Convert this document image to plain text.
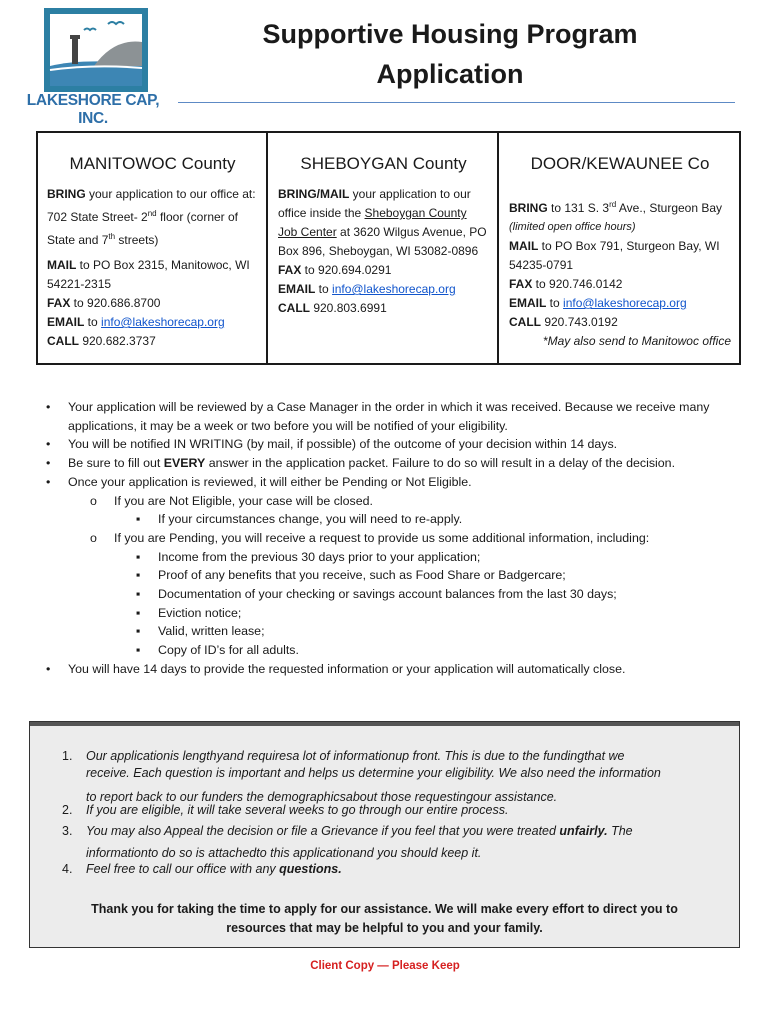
LAKESHORE CAP, INC.
Supportive Housing Program
Application
MANITOWOC County

BRING your application to our office at: 702 State Street- 2nd floor (corner of State and 7th streets)

MAIL to PO Box 2315, Manitowoc, WI 54221-2315

FAX to 920.686.8700

EMAIL to info@lakeshorecap.org

CALL 920.682.3737

SHEBOYGAN County

BRING/MAIL your application to our office inside the Sheboygan County Job Center at 3620 Wilgus Avenue, PO Box 896, Sheboygan, WI 53082-0896

FAX to 920.694.0291

EMAIL to info@lakeshorecap.org

CALL 920.803.6991

DOOR/KEWAUNEE Co

BRING to 131 S. 3rd Ave., Sturgeon Bay

(limited open office hours)

MAIL to PO Box 791, Sturgeon Bay, WI 54235-0791

FAX to 920.746.0142

EMAIL to info@lakeshorecap.org

CALL 920.743.0192

*May also send to Manitowoc office

• Your application will be reviewed by a Case Manager in the order in which it was received. Because we receive many applications, it may be a week or two before you will be notified of your eligibility.
• You will be notified IN WRITING (by mail, if possible) of the outcome of your decision within 14 days.
• Be sure to fill out EVERY answer in the application packet. Failure to do so will result in a delay of the decision.
• Once your application is reviewed, it will either be Pending or Not Eligible.
o If you are Not Eligible, your case will be closed.
▪ If your circumstances change, you will need to re-apply.
o If you are Pending, you will receive a request to provide us some additional information, including:
▪ Income from the previous 30 days prior to your application;
▪ Proof of any benefits that you receive, such as Food Share or Badgercare;
▪ Documentation of your checking or savings account balances from the last 30 days;
▪ Eviction notice;
▪ Valid, written lease;
▪ Copy of ID’s for all adults.
• You will have 14 days to provide the requested information or your application will automatically close.
1. Our applicationis lengthyand requiresa lot of informationup front. This is due to the fundingthat we
receive. Each question is important and helps us determine your eligibility. We also need the information
to report back to our funders the demographicsabout those requestingour assistance.
2. If you are eligible, it will take several weeks to go through our entire process.
3. You may also Appeal the decision or file a Grievance if you feel that you were treated unfairly. The
informationto do so is attachedto this applicationand you should keep it.
4. Feel free to call our office with any questions.
Thank you for taking the time to apply for our assistance. We will make every effort to direct you to
resources that may be helpful to you and your family.
Client Copy — Please Keep
